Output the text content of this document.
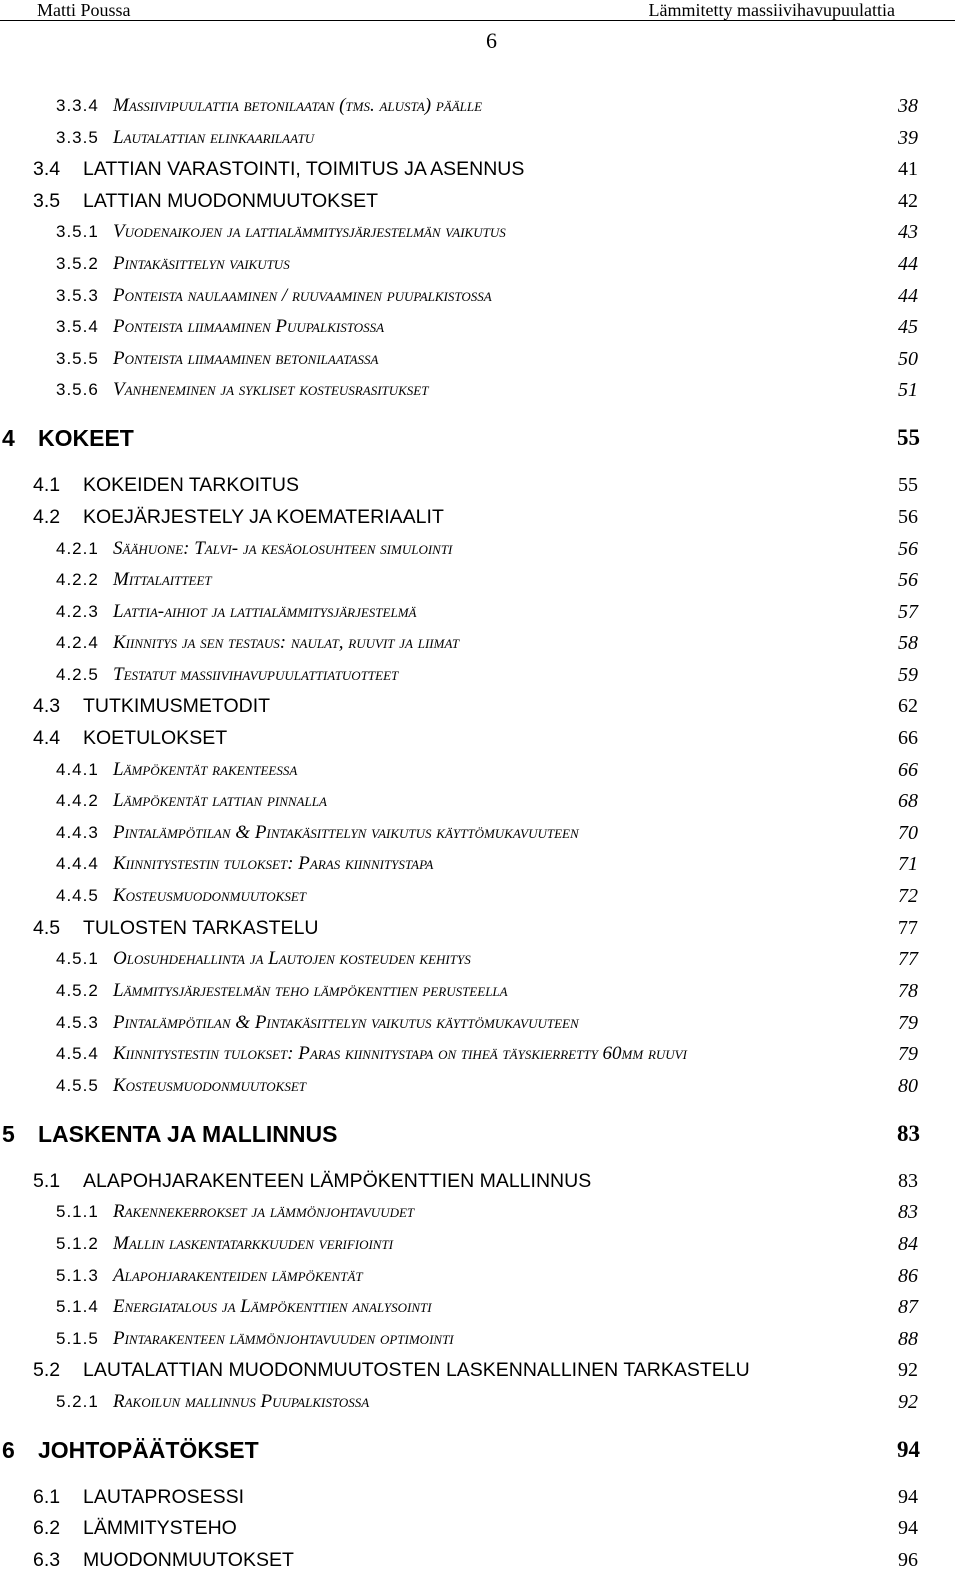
Matti Poussa	Lämmitetty massiivihavupuulattia
6
3.3.4 Massiivipuulattia betonilaatan (tms. alusta) päälle	38
3.3.5 Lautalattian elinkaarilaatu	39
3.4 LATTIAN VARASTOINTI, TOIMITUS JA ASENNUS	41
3.5 LATTIAN MUODONMUUTOKSET	42
3.5.1 Vuodenaikojen ja lattialämmitysjärjestelmän vaikutus	43
3.5.2 Pintakäsittelyn vaikutus	44
3.5.3 Ponteista naulaaminen / ruuvaaminen puupalkistossa	44
3.5.4 Ponteista liimaaminen Puupalkistossa	45
3.5.5 Ponteista liimaaminen betonilaatassa	50
3.5.6 Vanheneminen ja sykliset kosteusrasitukset	51
4 KOKEET	55
4.1 KOKEIDEN TARKOITUS	55
4.2 KOEJÄRJESTELY JA KOEMATERIAALIT	56
4.2.1 Säähuone: Talvi- ja kesäolosuhteen simulointi	56
4.2.2 Mittalaitteet	56
4.2.3 Lattia-aihiot ja lattialämmitysjärjestelmä	57
4.2.4 Kiinnitys ja sen testaus: naulat, ruuvit ja liimat	58
4.2.5 Testatut massiivihavupuulattiatuotteet	59
4.3 TUTKIMUSMETODIT	62
4.4 KOETULOKSET	66
4.4.1 Lämpökentät rakenteessa	66
4.4.2 Lämpökentät lattian pinnalla	68
4.4.3 Pintalämpötilan & Pintakäsittelyn vaikutus käyttömukavuuteen	70
4.4.4 Kiinnitystestin tulokset: Paras kiinnitystapa	71
4.4.5 Kosteusmuodonmuutokset	72
4.5 TULOSTEN TARKASTELU	77
4.5.1 Olosuhdehallinta ja Lautojen kosteuden kehitys	77
4.5.2 Lämmitysjärjestelmän teho lämpökenttien perusteella	78
4.5.3 Pintalämpötilan & Pintakäsittelyn vaikutus käyttömukavuuteen	79
4.5.4 Kiinnitystestin tulokset: Paras kiinnitystapa on tiheä täyskierretty 60mm ruuvi	79
4.5.5 Kosteusmuodonmuutokset	80
5 LASKENTA JA MALLINNUS	83
5.1 ALAPOHJARAKENTEEN LÄMPÖKENTTIEN MALLINNUS	83
5.1.1 Rakennekerrokset ja lämmönjohtavuudet	83
5.1.2 Mallin laskentatarkkuuden verifiointi	84
5.1.3 Alapohjarakenteiden lämpökentät	86
5.1.4 Energiatalous ja Lämpökenttien analysointi	87
5.1.5 Pintarakenteen lämmönjohtavuuden optimointi	88
5.2 LAUTALATTIAN MUODONMUUTOSTEN LASKENNALLINEN TARKASTELU	92
5.2.1 Rakoilun mallinnus Puupalkistossa	92
6 JOHTOPÄÄTÖKSET	94
6.1 LAUTAPROSESSI	94
6.2 LÄMMITYSTEHO	94
6.3 MUODONMUUTOKSET	96
